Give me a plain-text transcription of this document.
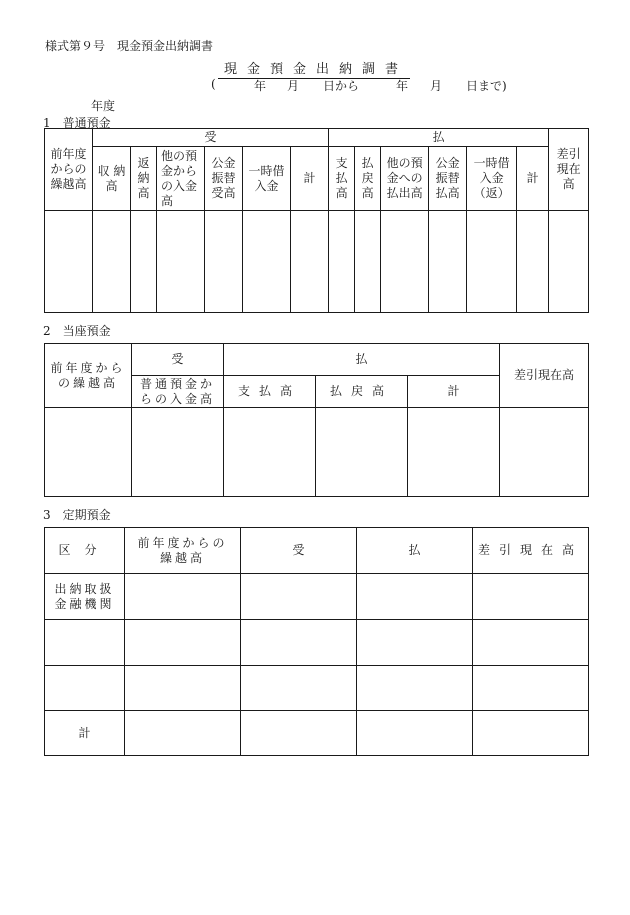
様式第９号　現金預金出納調書
現金預金出納調書
(	年 月 日から	年 月 日まで)
年度
1　普通預金
前年度からの繰越高	受						払						差引現在高
	収 納 高	返納高	他の預金からの入金高	公金振替受高	一時借入金	計	支払高	払戻高	他の預金への払出高	公金振替払高	一時借入金（返）	計	

2　当座預金
前年度からの繰越高	受	払			差引現在高
	普通預金からの入金高	支払高	払戻高	計	

3　定期預金
区分	前年度からの繰越高	受	払	差引現在高
出納取扱金融機関				

計				
